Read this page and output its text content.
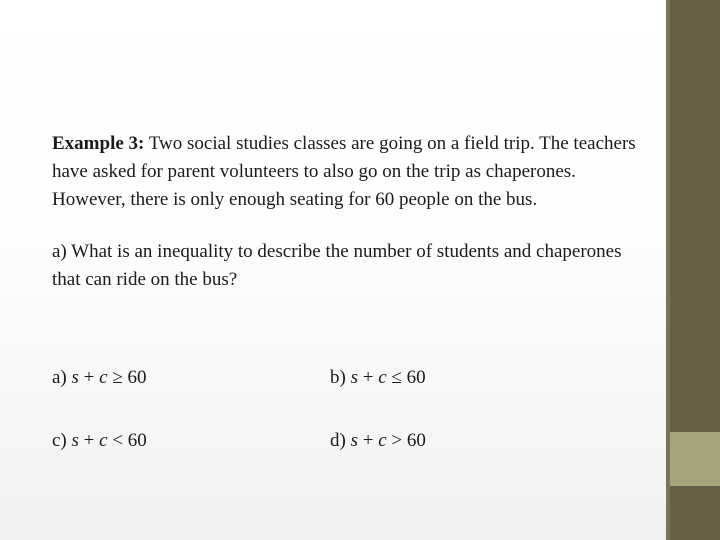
Example 3: Two social studies classes are going on a field trip. The teachers have asked for parent volunteers to also go on the trip as chaperones. However, there is only enough seating for 60 people on the bus.

a) What is an inequality to describe the number of students and chaperones that can ride on the bus?

a) s + c ≥ 60	b) s + c ≤ 60
c) s + c < 60	d) s + c > 60
